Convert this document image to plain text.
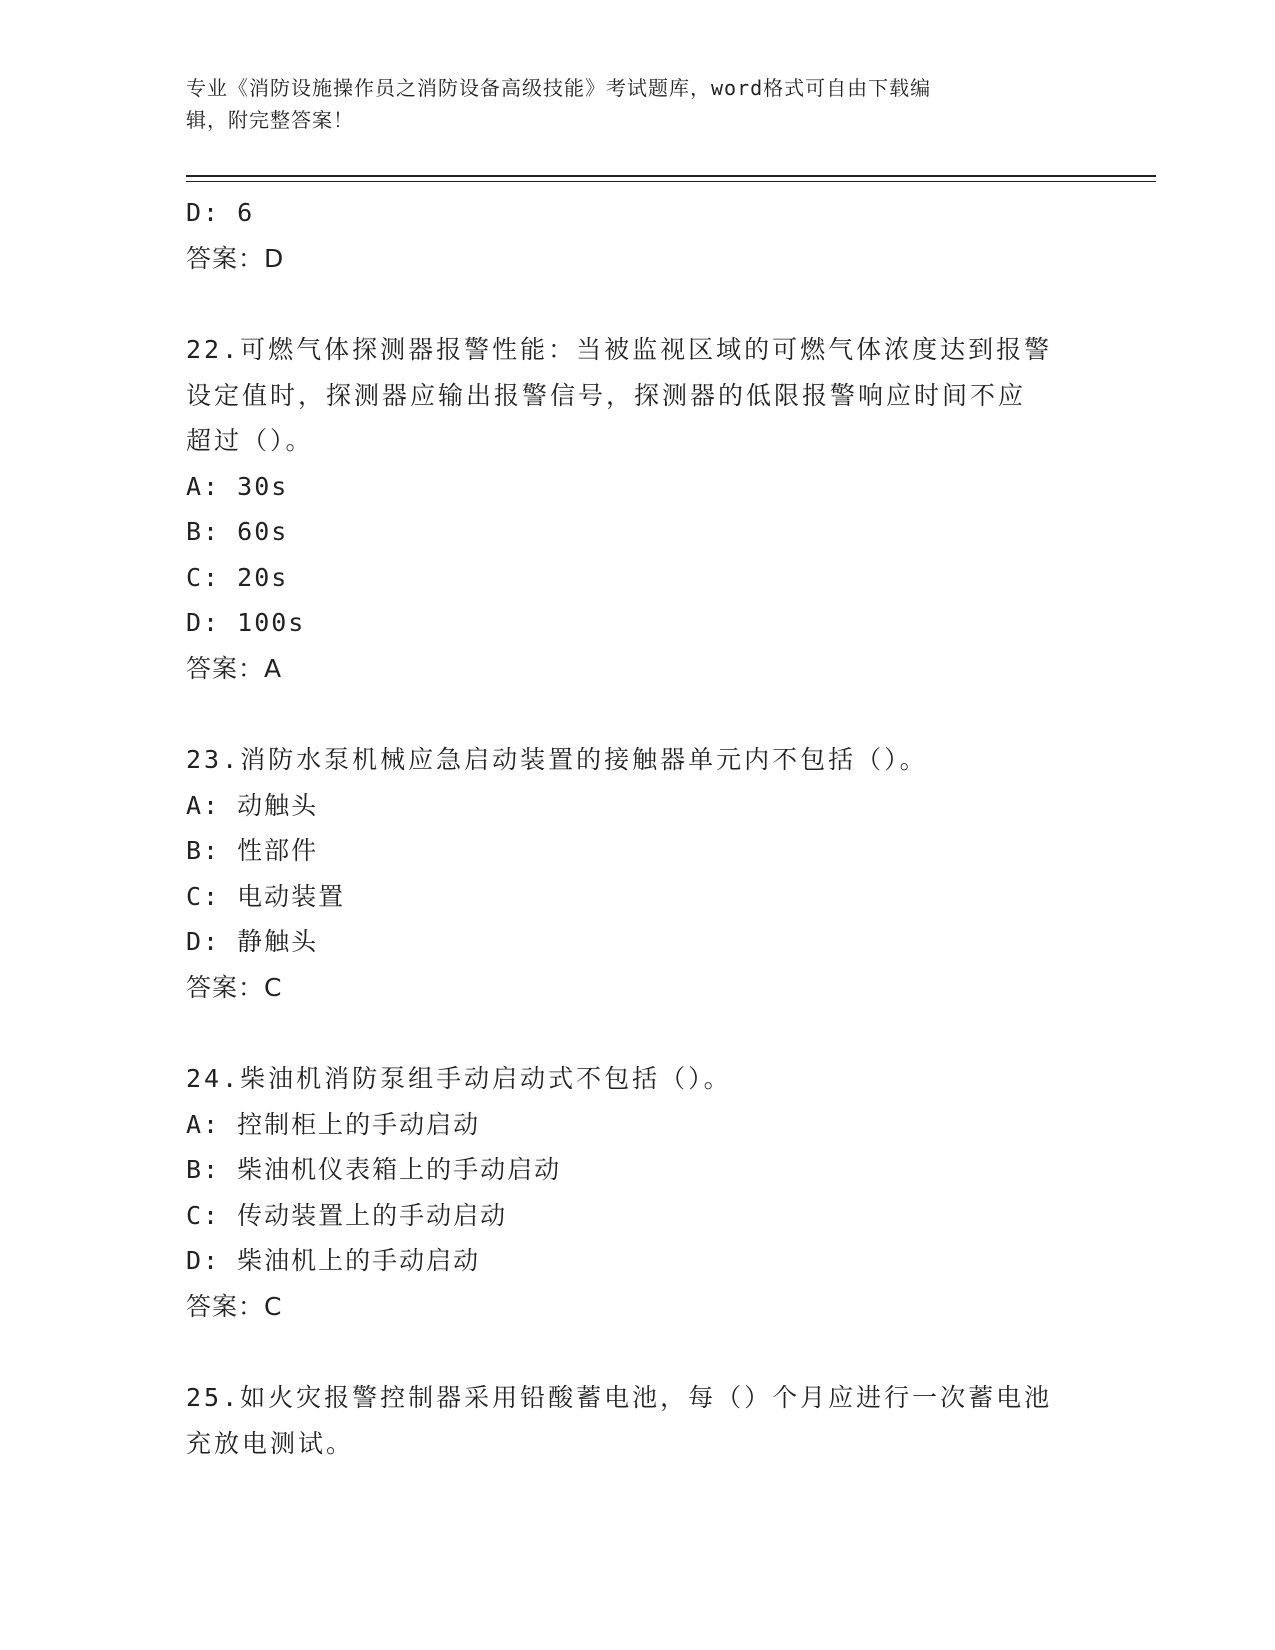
专业《消防设施操作员之消防设备高级技能》考试题库，word格式可自由下载编
辑，附完整答案！
D: 6
答案：D
22.可燃气体探测器报警性能：当被监视区域的可燃气体浓度达到报警
设定值时，探测器应输出报警信号，探测器的低限报警响应时间不应
超过（）。
A: 30s
B: 60s
C: 20s
D: 100s
答案：A
23.消防水泵机械应急启动装置的接触器单元内不包括（）。
A: 动触头
B: 性部件
C: 电动装置
D: 静触头
答案：C
24.柴油机消防泵组手动启动式不包括（）。
A: 控制柜上的手动启动
B: 柴油机仪表箱上的手动启动
C: 传动装置上的手动启动
D: 柴油机上的手动启动
答案：C
25.如火灾报警控制器采用铅酸蓄电池，每（）个月应进行一次蓄电池
充放电测试。
